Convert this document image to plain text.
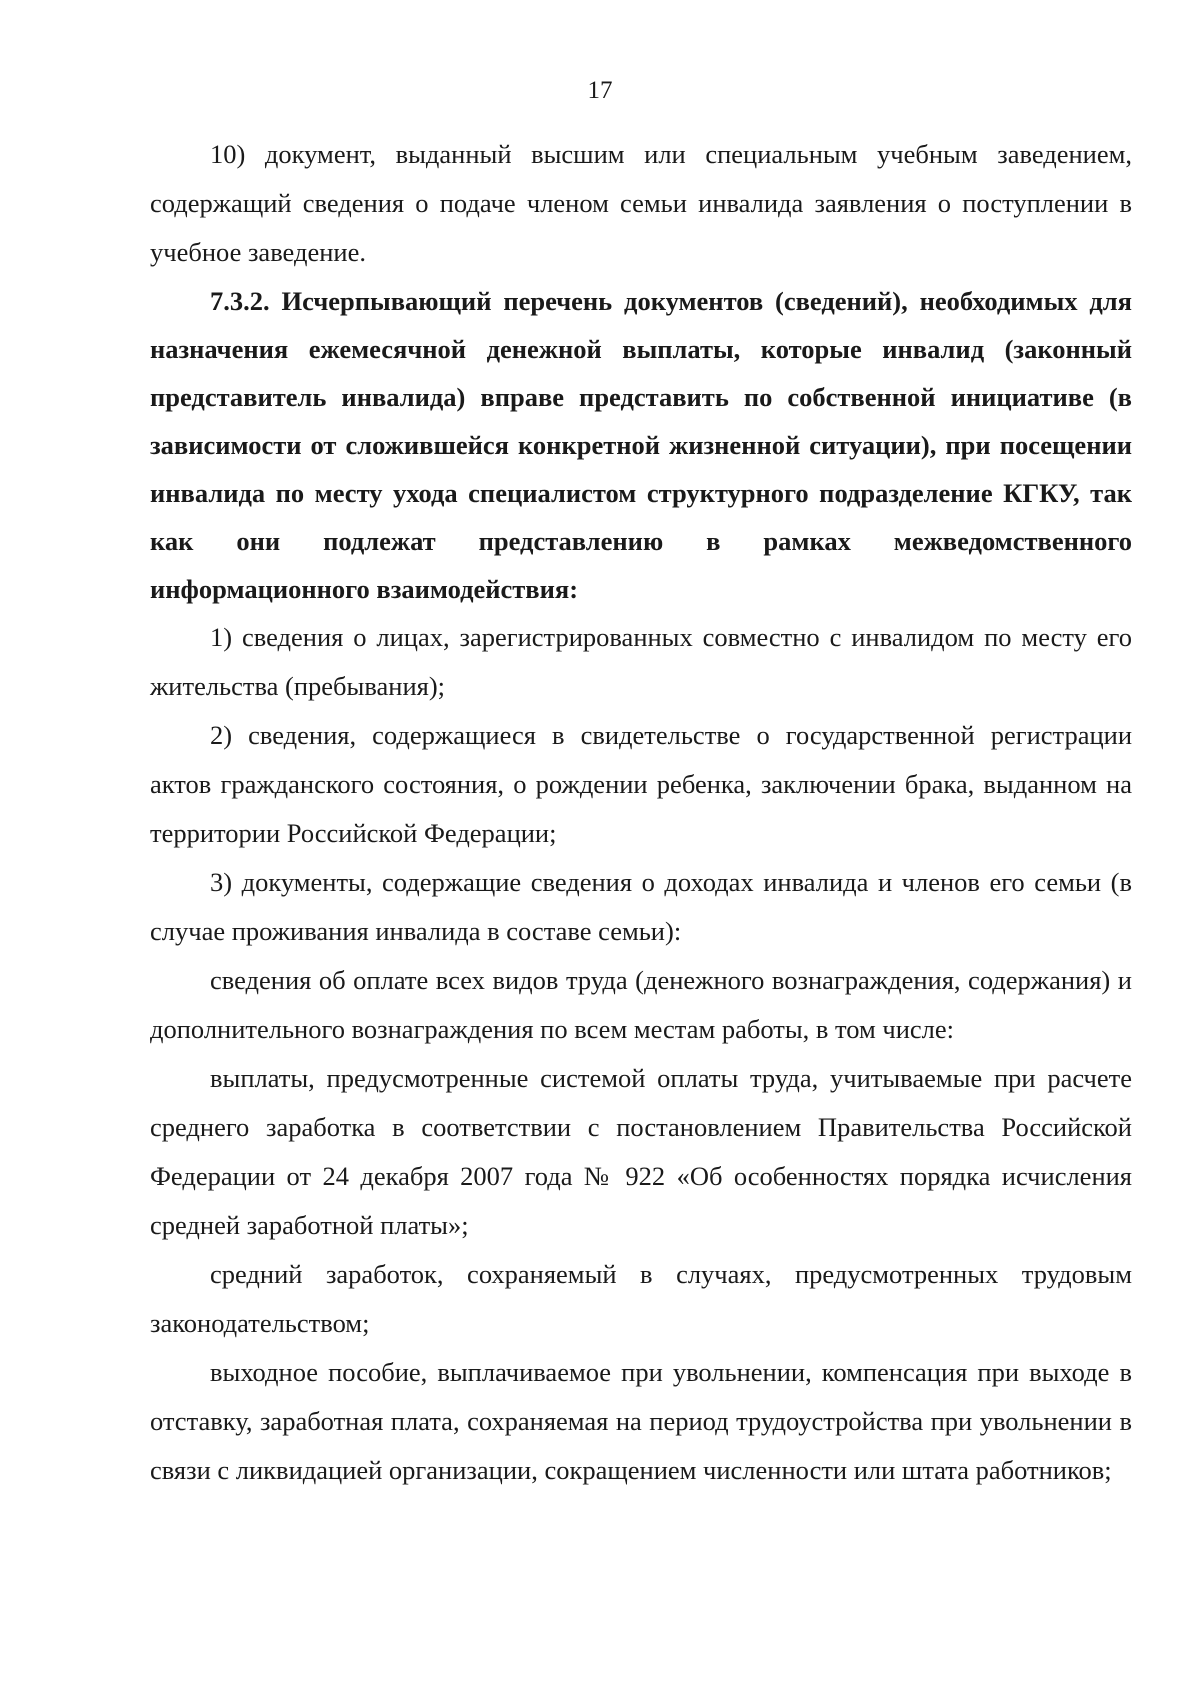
17

10) документ, выданный высшим или специальным учебным заведением, содержащий сведения о подаче членом семьи инвалида заявления о поступлении в учебное заведение.

7.3.2. Исчерпывающий перечень документов (сведений), необходимых для назначения ежемесячной денежной выплаты, которые инвалид (законный представитель инвалида) вправе представить по собственной инициативе (в зависимости от сложившейся конкретной жизненной ситуации), при посещении инвалида по месту ухода специалистом структурного подразделение КГКУ, так как они подлежат представлению в рамках межведомственного информационного взаимодействия:

1) сведения о лицах, зарегистрированных совместно с инвалидом по месту его жительства (пребывания);

2) сведения, содержащиеся в свидетельстве о государственной регистрации актов гражданского состояния, о рождении ребенка, заключении брака, выданном на территории Российской Федерации;

3) документы, содержащие сведения о доходах инвалида и членов его семьи (в случае проживания инвалида в составе семьи):

сведения об оплате всех видов труда (денежного вознаграждения, содержания) и дополнительного вознаграждения по всем местам работы, в том числе:

выплаты, предусмотренные системой оплаты труда, учитываемые при расчете среднего заработка в соответствии с постановлением Правительства Российской Федерации от 24 декабря 2007 года № 922 «Об особенностях порядка исчисления средней заработной платы»;

средний заработок, сохраняемый в случаях, предусмотренных трудовым законодательством;

выходное пособие, выплачиваемое при увольнении, компенсация при выходе в отставку, заработная плата, сохраняемая на период трудоустройства при увольнении в связи с ликвидацией организации, сокращением численности или штата работников;
